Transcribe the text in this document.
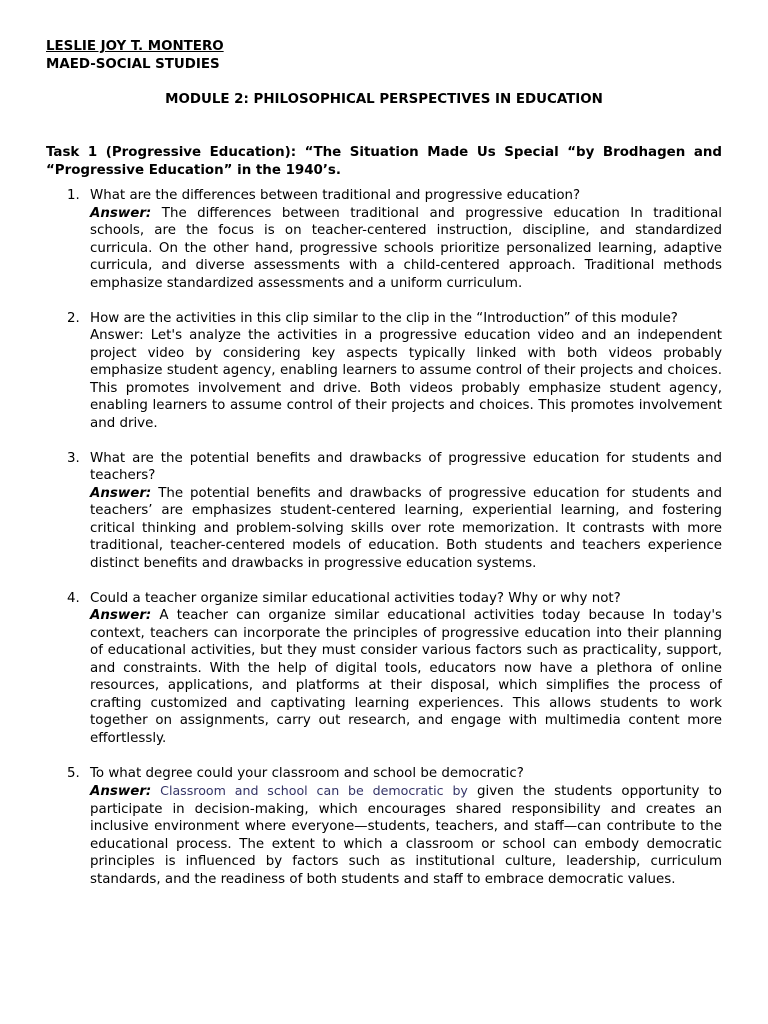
LESLIE JOY T. MONTERO
MAED-SOCIAL STUDIES
MODULE 2: PHILOSOPHICAL PERSPECTIVES IN EDUCATION
Task 1 (Progressive Education): “The Situation Made Us Special “by Brodhagen and “Progressive Education” in the 1940’s.
1. What are the differences between traditional and progressive education?
Answer: The differences between traditional and progressive education In traditional schools, are the focus is on teacher-centered instruction, discipline, and standardized curricula. On the other hand, progressive schools prioritize personalized learning, adaptive curricula, and diverse assessments with a child-centered approach. Traditional methods emphasize standardized assessments and a uniform curriculum.
2. How are the activities in this clip similar to the clip in the “Introduction” of this module?
Answer: Let's analyze the activities in a progressive education video and an independent project video by considering key aspects typically linked with both videos probably emphasize student agency, enabling learners to assume control of their projects and choices. This promotes involvement and drive. Both videos probably emphasize student agency, enabling learners to assume control of their projects and choices. This promotes involvement and drive.
3. What are the potential benefits and drawbacks of progressive education for students and teachers?
Answer: The potential benefits and drawbacks of progressive education for students and teachers’ are emphasizes student-centered learning, experiential learning, and fostering critical thinking and problem-solving skills over rote memorization. It contrasts with more traditional, teacher-centered models of education. Both students and teachers experience distinct benefits and drawbacks in progressive education systems.
4. Could a teacher organize similar educational activities today? Why or why not?
Answer: A teacher can organize similar educational activities today because In today's context, teachers can incorporate the principles of progressive education into their planning of educational activities, but they must consider various factors such as practicality, support, and constraints. With the help of digital tools, educators now have a plethora of online resources, applications, and platforms at their disposal, which simplifies the process of crafting customized and captivating learning experiences. This allows students to work together on assignments, carry out research, and engage with multimedia content more effortlessly.
5. To what degree could your classroom and school be democratic?
Answer: Classroom and school can be democratic by given the students opportunity to participate in decision-making, which encourages shared responsibility and creates an inclusive environment where everyone—students, teachers, and staff—can contribute to the educational process. The extent to which a classroom or school can embody democratic principles is influenced by factors such as institutional culture, leadership, curriculum standards, and the readiness of both students and staff to embrace democratic values.
